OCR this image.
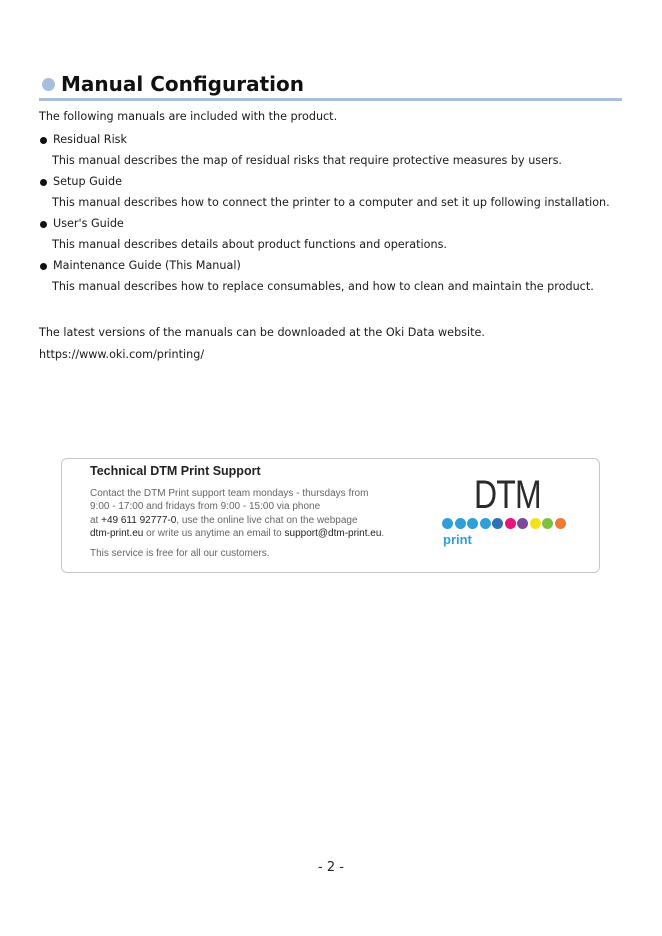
Manual Configuration
The following manuals are included with the product.
Residual Risk
This manual describes the map of residual risks that require protective measures by users.
Setup Guide
This manual describes how to connect the printer to a computer and set it up following installation.
User's Guide
This manual describes details about product functions and operations.
Maintenance Guide (This Manual)
This manual describes how to replace consumables, and how to clean and maintain the product.
The latest versions of the manuals can be downloaded at the Oki Data website.
https://www.oki.com/printing/
Technical DTM Print Support
Contact the DTM Print support team mondays - thursdays from
9:00 - 17:00 and fridays from 9:00 - 15:00 via phone
at +49 611 92777-0, use the online live chat on the webpage
dtm-print.eu or write us anytime an email to support@dtm-print.eu.
This service is free for all our customers.
DTM
print
- 2 -
